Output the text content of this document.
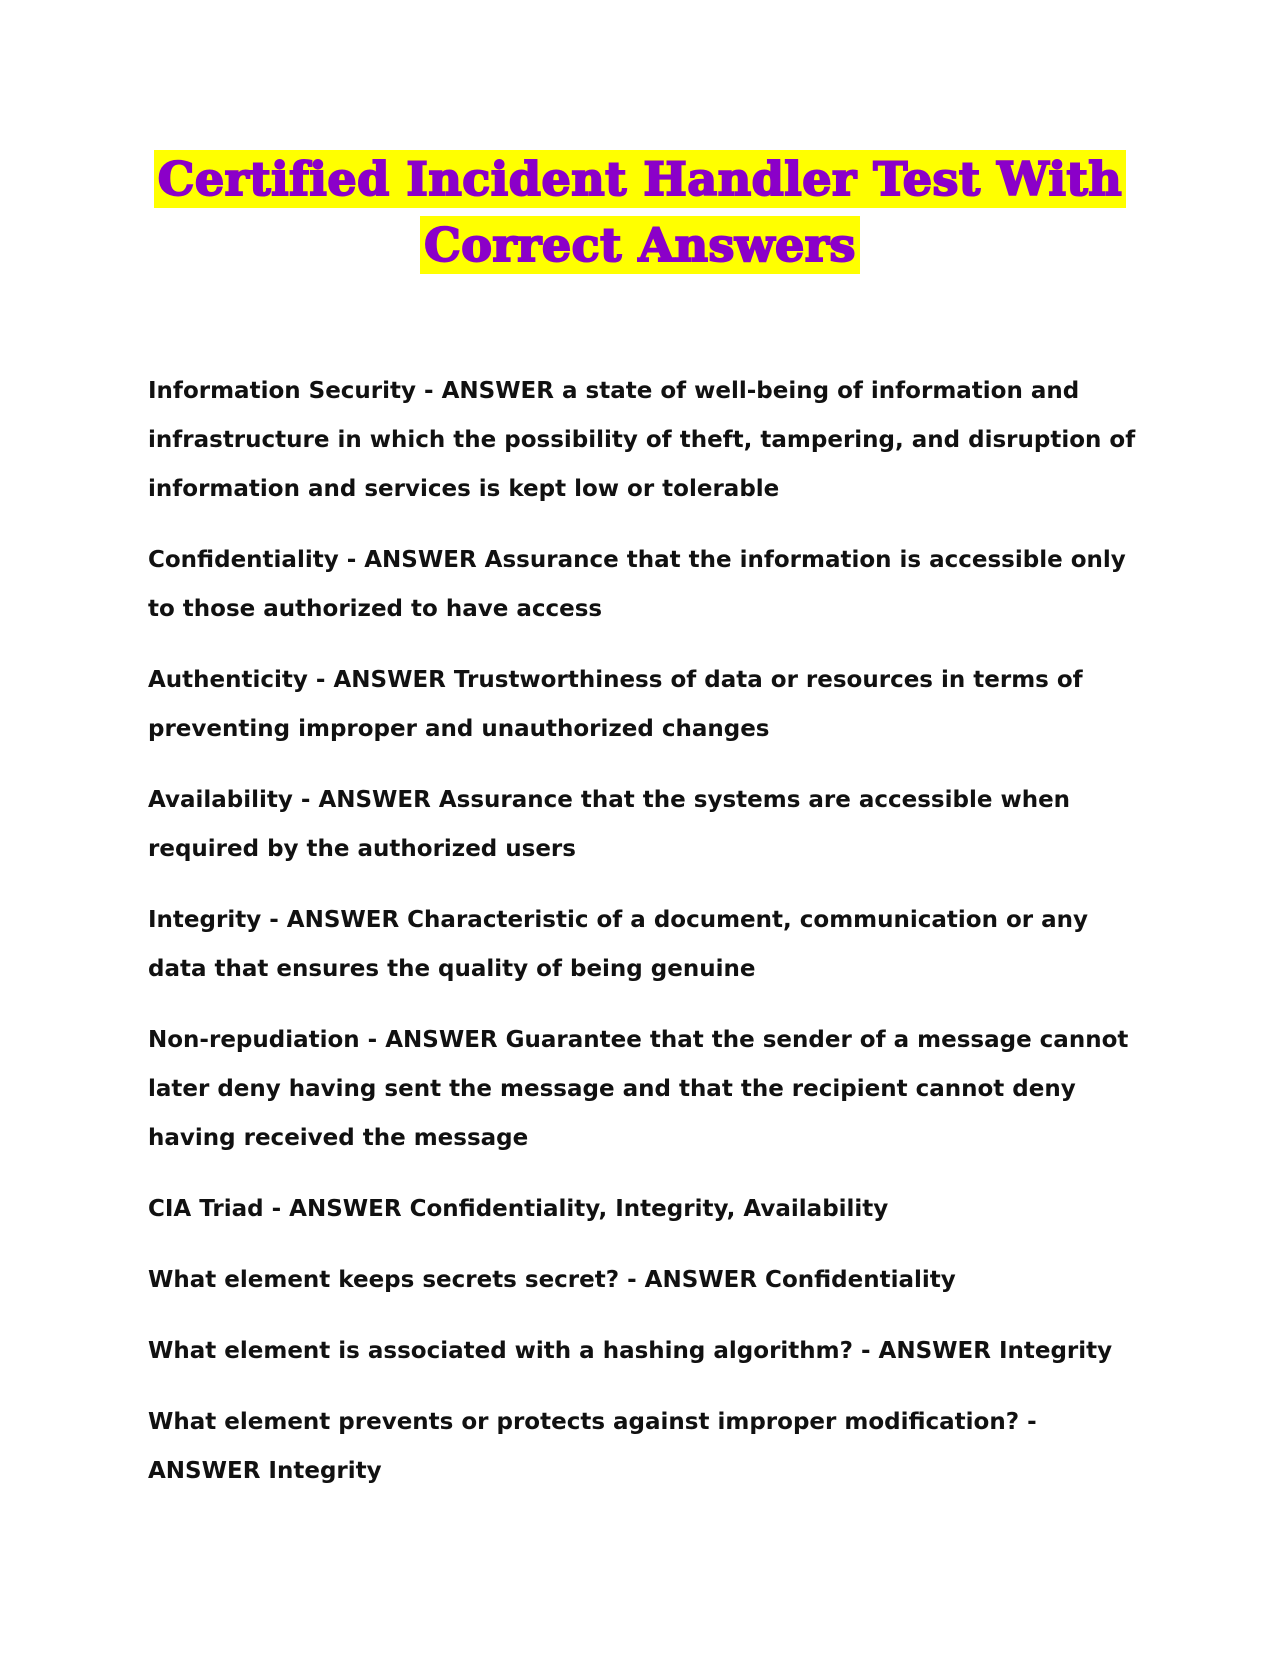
Certified Incident Handler Test With
Correct Answers
Information Security - ANSWER a state of well-being of information and infrastructure in which the possibility of theft, tampering, and disruption of information and services is kept low or tolerable
Confidentiality - ANSWER Assurance that the information is accessible only to those authorized to have access
Authenticity - ANSWER Trustworthiness of data or resources in terms of preventing improper and unauthorized changes
Availability - ANSWER Assurance that the systems are accessible when required by the authorized users
Integrity - ANSWER Characteristic of a document, communication or any data that ensures the quality of being genuine
Non-repudiation - ANSWER Guarantee that the sender of a message cannot later deny having sent the message and that the recipient cannot deny having received the message
CIA Triad - ANSWER Confidentiality, Integrity, Availability
What element keeps secrets secret? - ANSWER Confidentiality
What element is associated with a hashing algorithm? - ANSWER Integrity
What element prevents or protects against improper modification? - ANSWER Integrity
